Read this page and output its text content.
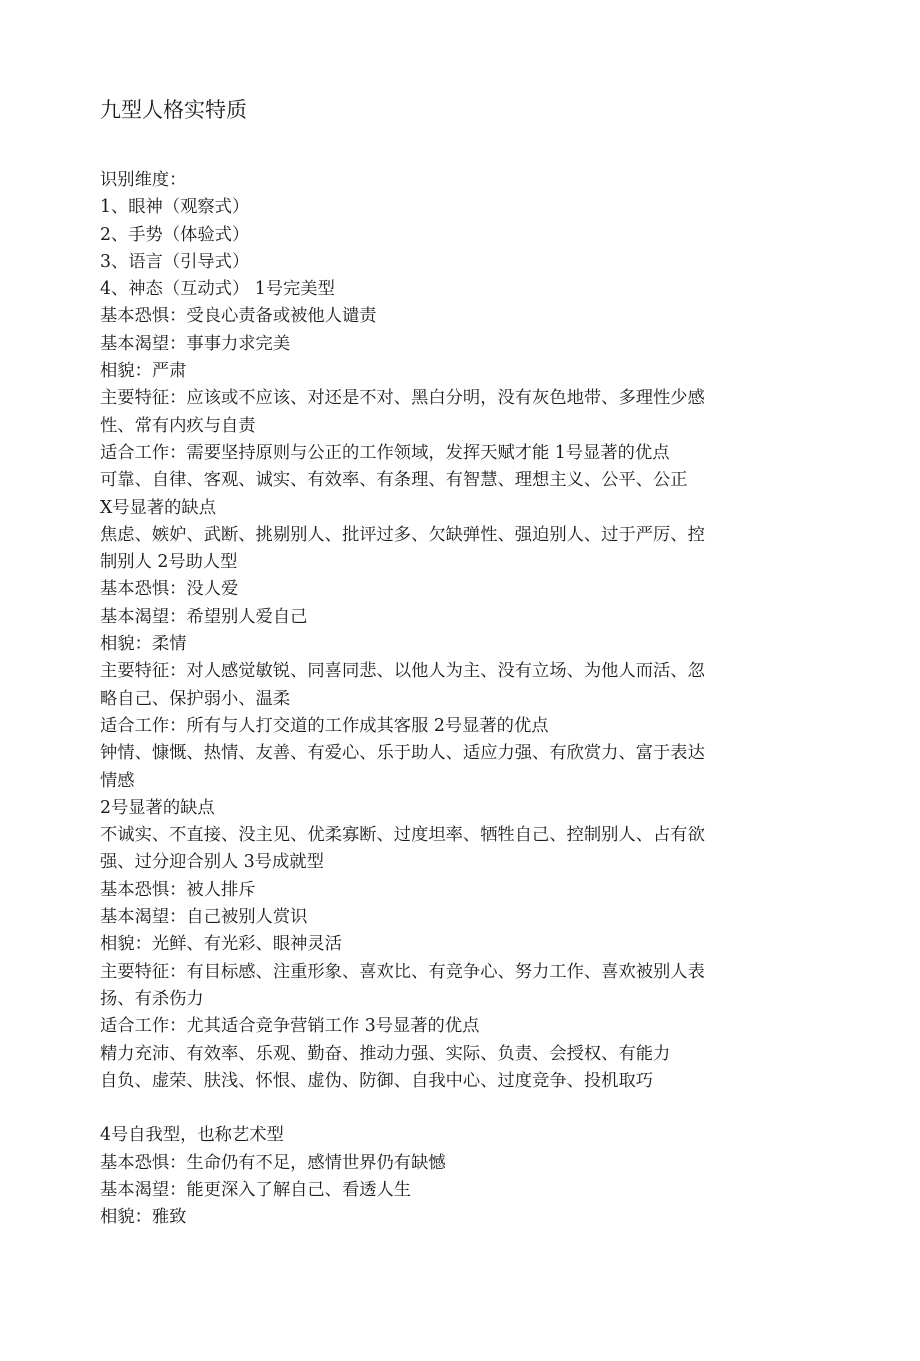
九型人格实特质

识别维度：

1、眼神（观察式）

2、手势（体验式）

3、语言（引导式）

4、神态（互动式） 1号完美型

基本恐惧：受良心责备或被他人谴责

基本渴望：事事力求完美

相貌：严肃

主要特征：应该或不应该、对还是不对、黑白分明，没有灰色地带、多理性少感

性、常有内疚与自责

适合工作：需要坚持原则与公正的工作领域，发挥天赋才能 1号显著的优点

可靠、自律、客观、诚实、有效率、有条理、有智慧、理想主义、公平、公正

X号显著的缺点

焦虑、嫉妒、武断、挑剔别人、批评过多、欠缺弹性、强迫别人、过于严厉、控

制别人 2号助人型

基本恐惧：没人爱

基本渴望：希望别人爱自己

相貌：柔情

主要特征：对人感觉敏锐、同喜同悲、以他人为主、没有立场、为他人而活、忽

略自己、保护弱小、温柔

适合工作：所有与人打交道的工作成其客服 2号显著的优点

钟情、慷慨、热情、友善、有爱心、乐于助人、适应力强、有欣赏力、富于表达

情感

2号显著的缺点

不诚实、不直接、没主见、优柔寡断、过度坦率、牺牲自己、控制别人、占有欲

强、过分迎合别人 3号成就型

基本恐惧：被人排斥

基本渴望：自己被别人赏识

相貌：光鲜、有光彩、眼神灵活

主要特征：有目标感、注重形象、喜欢比、有竞争心、努力工作、喜欢被别人表

扬、有杀伤力

适合工作：尤其适合竞争营销工作 3号显著的优点

精力充沛、有效率、乐观、勤奋、推动力强、实际、负责、会授权、有能力

自负、虚荣、肤浅、怀恨、虚伪、防御、自我中心、过度竞争、投机取巧

4号自我型，也称艺术型

基本恐惧：生命仍有不足，感情世界仍有缺憾

基本渴望：能更深入了解自己、看透人生

相貌：雅致
